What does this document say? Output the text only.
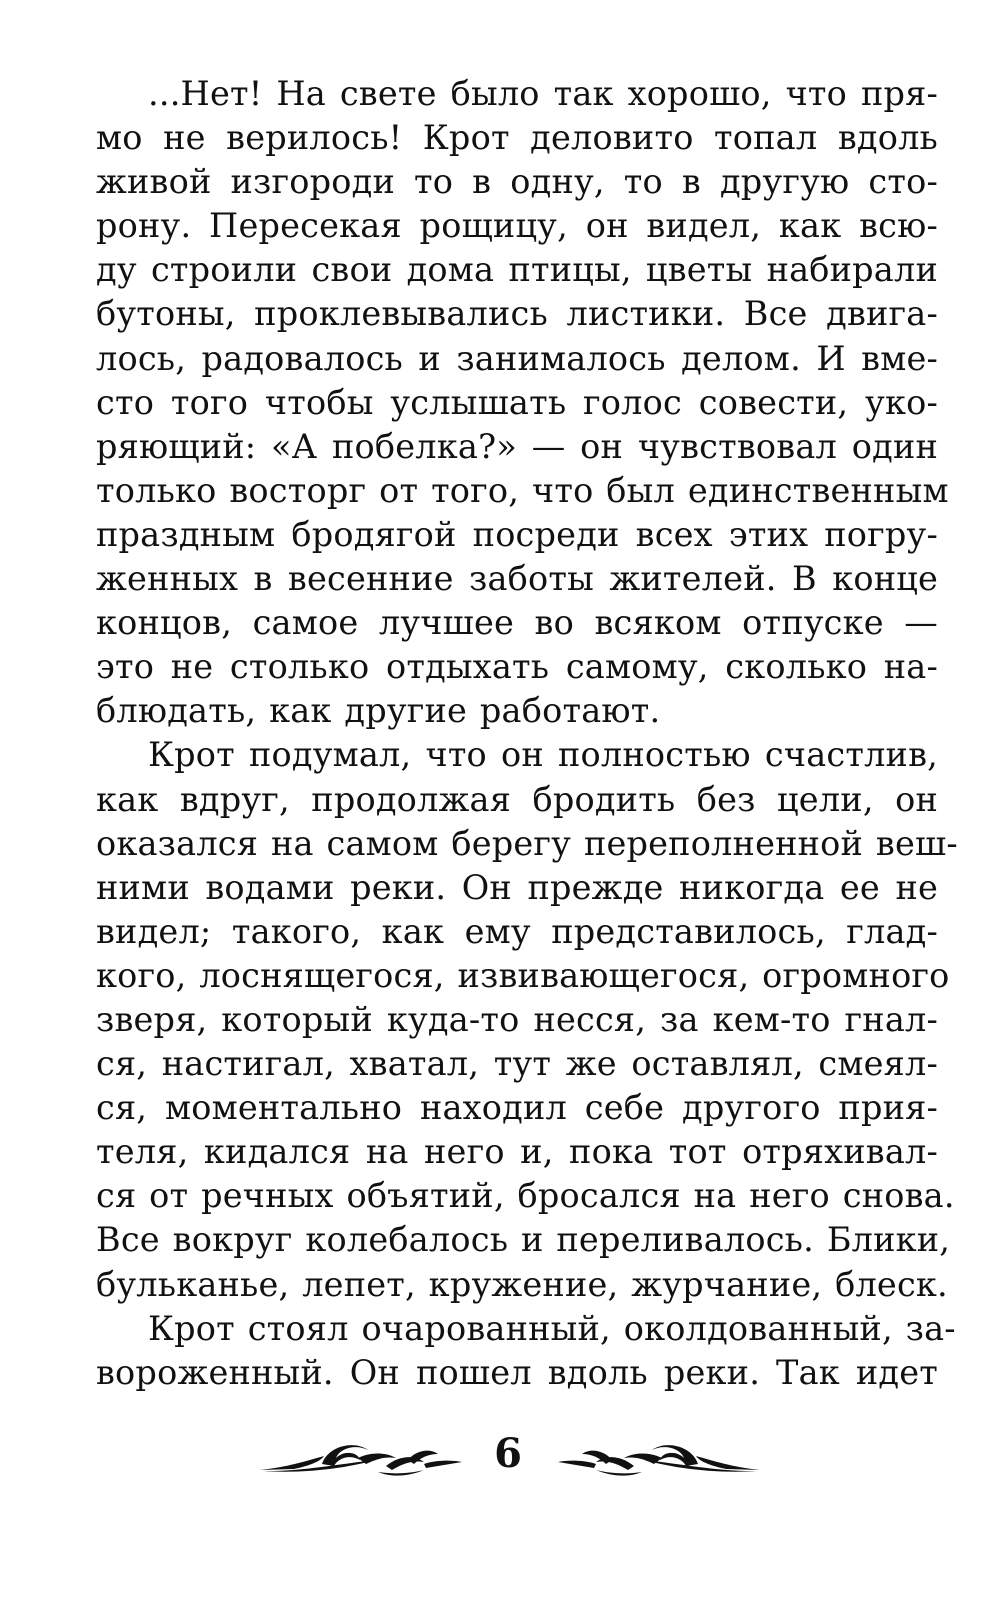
...Нет! На свете было так хорошо, что пря-
мо не верилось! Крот деловито топал вдоль
живой изгороди то в одну, то в другую сто-
рону. Пересекая рощицу, он видел, как всю-
ду строили свои дома птицы, цветы набирали
бутоны, проклевывались листики. Все двига-
лось, радовалось и занималось делом. И вме-
сто того чтобы услышать голос совести, уко-
ряющий: «А побелка?» — он чувствовал один
только восторг от того, что был единственным
праздным бродягой посреди всех этих погру-
женных в весенние заботы жителей. В конце
концов, самое лучшее во всяком отпуске —
это не столько отдыхать самому, сколько на-
блюдать, как другие работают.
Крот подумал, что он полностью счастлив,
как вдруг, продолжая бродить без цели, он
оказался на самом берегу переполненной веш-
ними водами реки. Он прежде никогда ее не
видел; такого, как ему представилось, глад-
кого, лоснящегося, извивающегося, огромного
зверя, который куда-то несся, за кем-то гнал-
ся, настигал, хватал, тут же оставлял, смеял-
ся, моментально находил себе другого прия-
теля, кидался на него и, пока тот отряхивал-
ся от речных объятий, бросался на него снова.
Все вокруг колебалось и переливалось. Блики,
бульканье, лепет, кружение, журчание, блеск.
Крот стоял очарованный, околдованный, за-
вороженный. Он пошел вдоль реки. Так идет
6
